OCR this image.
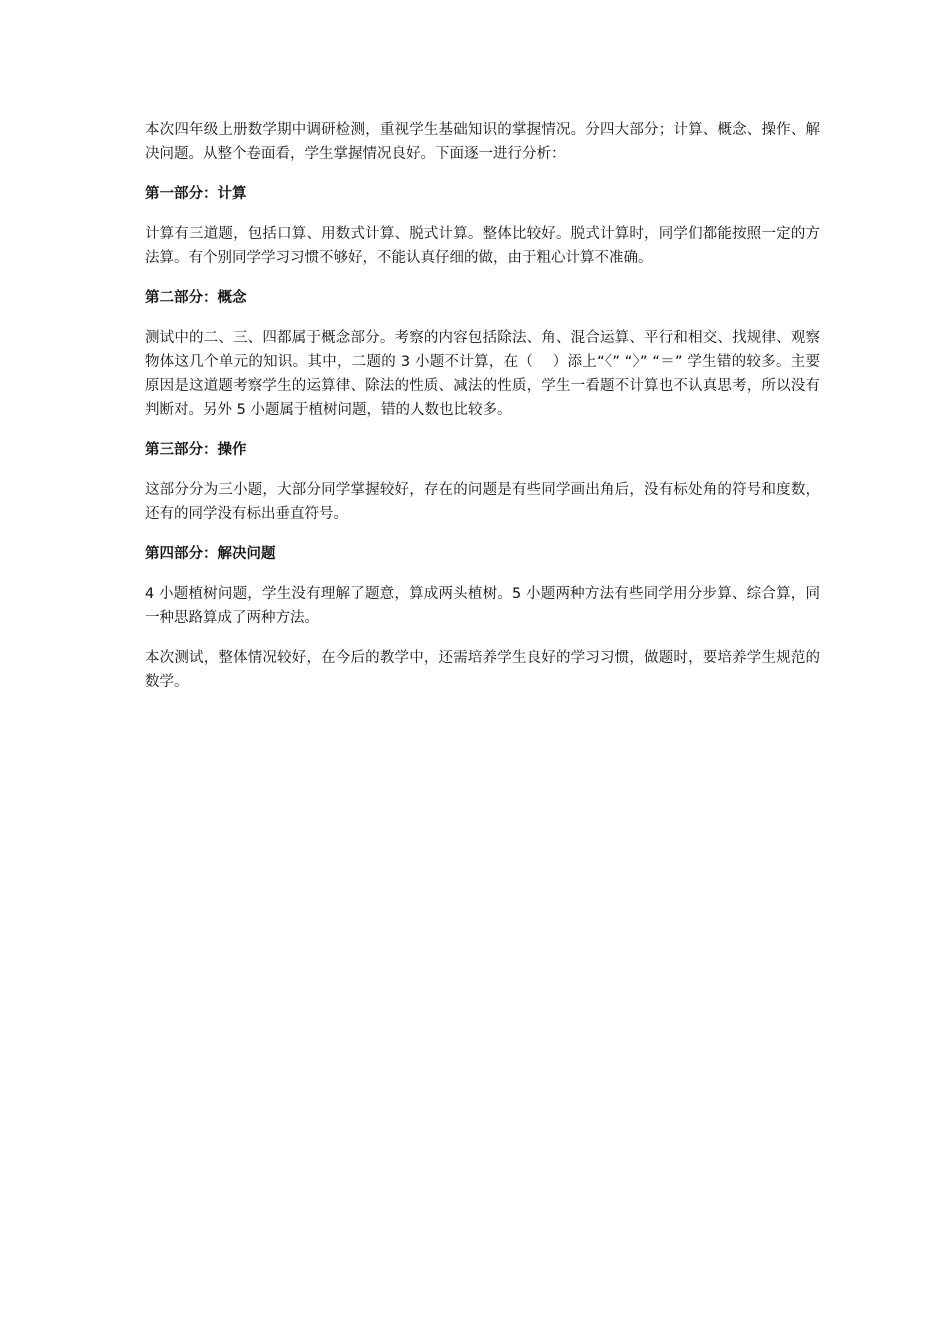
本次四年级上册数学期中调研检测，重视学生基础知识的掌握情况。分四大部分；计算、概念、操作、解决问题。从整个卷面看，学生掌握情况良好。下面逐一进行分析：

第一部分：计算

计算有三道题，包括口算、用数式计算、脱式计算。整体比较好。脱式计算时，同学们都能按照一定的方法算。有个别同学学习习惯不够好，不能认真仔细的做，由于粗心计算不准确。

第二部分：概念

测试中的二、三、四都属于概念部分。考察的内容包括除法、角、混合运算、平行和相交、找规律、观察物体这几个单元的知识。其中，二题的 3 小题不计算，在（　 ）添上“〈” “〉” “＝” 学生错的较多。主要原因是这道题考察学生的运算律、除法的性质、减法的性质，学生一看题不计算也不认真思考，所以没有判断对。另外 5 小题属于植树问题，错的人数也比较多。

第三部分：操作

这部分分为三小题，大部分同学掌握较好，存在的问题是有些同学画出角后，没有标处角的符号和度数，还有的同学没有标出垂直符号。

第四部分：解决问题

4 小题植树问题，学生没有理解了题意，算成两头植树。5 小题两种方法有些同学用分步算、综合算，同一种思路算成了两种方法。

本次测试，整体情况较好，在今后的教学中，还需培养学生良好的学习习惯，做题时，要培养学生规范的数学。
